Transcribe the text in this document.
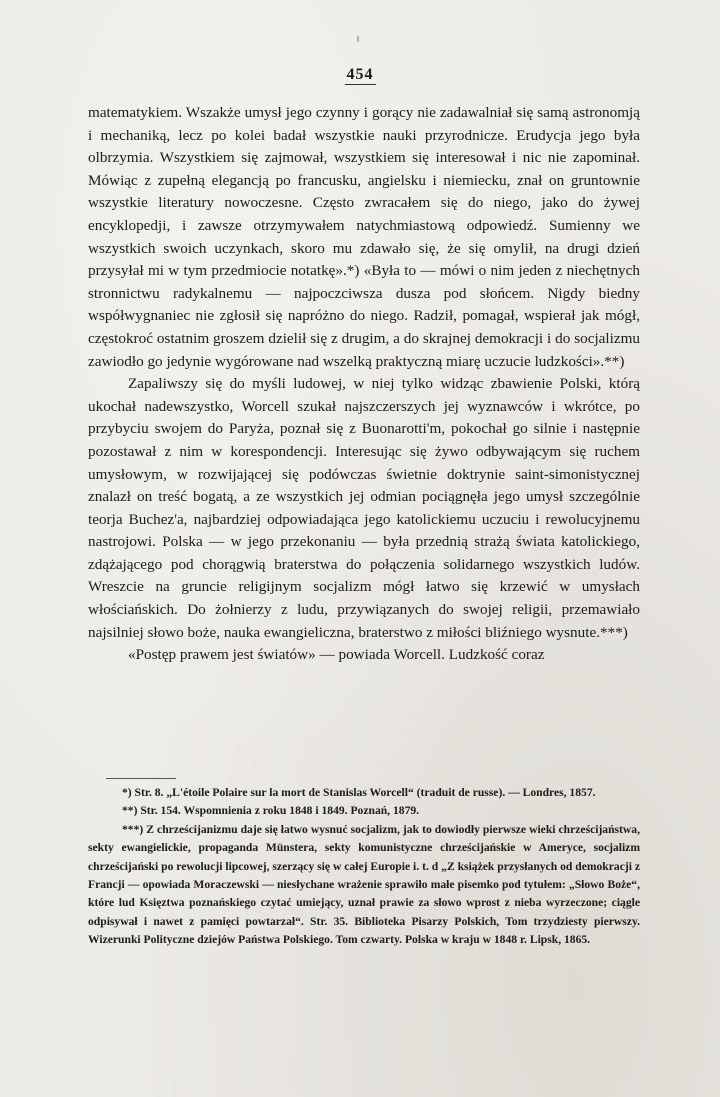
454

matematykiem. Wszakże umysł jego czynny i gorący nie zadawalniał się samą astronomją i mechaniką, lecz po kolei badał wszystkie nauki przyrodnicze. Erudycja jego była olbrzymia. Wszystkiem się zajmował, wszystkiem się interesował i nic nie zapominał. Mówiąc z zupełną elegancją po francusku, angielsku i niemiecku, znał on gruntownie wszystkie literatury nowoczesne. Często zwracałem się do niego, jako do żywej encyklopedji, i zawsze otrzymywałem natychmiastową odpowiedź. Sumienny we wszystkich swoich uczynkach, skoro mu zdawało się, że się omylił, na drugi dzień przysyłał mi w tym przedmiocie notatkę».*) «Była to — mówi o nim jeden z niechętnych stronnictwu radykalnemu — najpoczciwsza dusza pod słońcem. Nigdy biedny współwygnaniec nie zgłosił się napróżno do niego. Radził, pomagał, wspierał jak mógł, częstokroć ostatnim groszem dzielił się z drugim, a do skrajnej demokracji i do socjalizmu zawiodło go jedynie wygórowane nad wszelką praktyczną miarę uczucie ludzkości».**)

Zapaliwszy się do myśli ludowej, w niej tylko widząc zbawienie Polski, którą ukochał nadewszystko, Worcell szukał najszczerszych jej wyznawców i wkrótce, po przybyciu swojem do Paryża, poznał się z Buonarotti'm, pokochał go silnie i następnie pozostawał z nim w korespondencji. Interesując się żywo odbywającym się ruchem umysłowym, w rozwijającej się podówczas świetnie doktrynie saint-simonistycznej znalazł on treść bogatą, a ze wszystkich jej odmian pociągnęła jego umysł szczególnie teorja Buchez'a, najbardziej odpowiadająca jego katolickiemu uczuciu i rewolucyjnemu nastrojowi. Polska — w jego przekonaniu — była przednią strażą świata katolickiego, zdążającego pod chorągwią braterstwa do połączenia solidarnego wszystkich ludów. Wreszcie na gruncie religijnym socjalizm mógł łatwo się krzewić w umysłach włościańskich. Do żołnierzy z ludu, przywiązanych do swojej religii, przemawiało najsilniej słowo boże, nauka ewangieliczna, braterstwo z miłości bliźniego wysnute.***)

«Postęp prawem jest światów» — powiada Worcell. Ludzkość coraz

*) Str. 8. „L'étoile Polaire sur la mort de Stanislas Worcell“ (traduit de russe). — Londres, 1857.

**) Str. 154. Wspomnienia z roku 1848 i 1849. Poznań, 1879.

***) Z chrześcijanizmu daje się łatwo wysnuć socjalizm, jak to dowiodły pierwsze wieki chrześcijaństwa, sekty ewangielickie, propaganda Münstera, sekty komunistyczne chrześcijańskie w Ameryce, socjalizm chrześcijański po rewolucji lipcowej, szerzący się w całej Europie i. t. d „Z książek przysłanych od demokracji z Francji — opowiada Moraczewski — niesłychane wrażenie sprawiło małe pisemko pod tytułem: „Słowo Boże“, które lud Księztwa poznańskiego czytać umiejący, uznał prawie za słowo wprost z nieba wyrzeczone; ciągle odpisywał i nawet z pamięci powtarzał“. Str. 35. Biblioteka Pisarzy Polskich, Tom trzydziesty pierwszy. Wizerunki Polityczne dziejów Państwa Polskiego. Tom czwarty. Polska w kraju w 1848 r. Lipsk, 1865.
